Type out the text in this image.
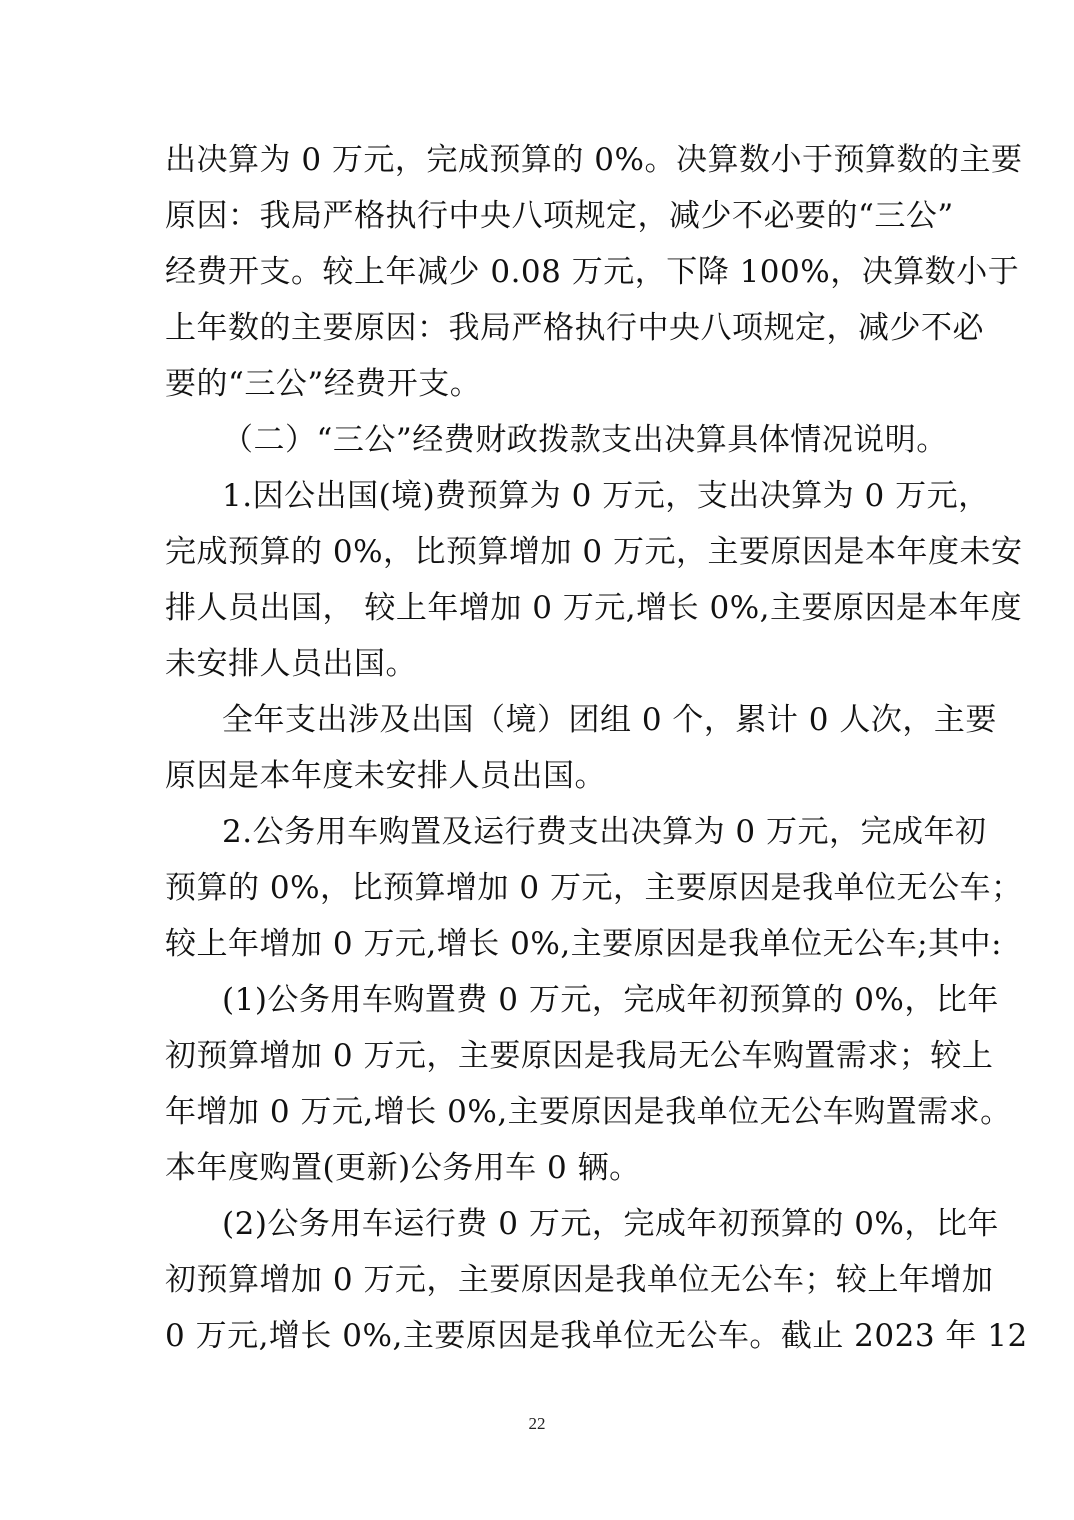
出决算为 0 万元，完成预算的 0%。决算数小于预算数的主要
原因：我局严格执行中央八项规定，减少不必要的“三公”
经费开支。较上年减少 0.08 万元，下降 100%，决算数小于
上年数的主要原因：我局严格执行中央八项规定，减少不必
要的“三公”经费开支。
（二）“三公”经费财政拨款支出决算具体情况说明。
1.因公出国(境)费预算为 0 万元，支出决算为 0 万元，
完成预算的 0%，比预算增加 0 万元，主要原因是本年度未安
排人员出国， 较上年增加 0 万元,增长 0%,主要原因是本年度
未安排人员出国。
全年支出涉及出国（境）团组 0 个，累计 0 人次，主要
原因是本年度未安排人员出国。
2.公务用车购置及运行费支出决算为 0 万元，完成年初
预算的 0%，比预算增加 0 万元，主要原因是我单位无公车；
较上年增加 0 万元,增长 0%,主要原因是我单位无公车;其中:
(1)公务用车购置费 0 万元，完成年初预算的 0%，比年
初预算增加 0 万元，主要原因是我局无公车购置需求；较上
年增加 0 万元,增长 0%,主要原因是我单位无公车购置需求。
本年度购置(更新)公务用车 0 辆。
(2)公务用车运行费 0 万元，完成年初预算的 0%，比年
初预算增加 0 万元，主要原因是我单位无公车；较上年增加
0 万元,增长 0%,主要原因是我单位无公车。截止 2023 年 12
22
